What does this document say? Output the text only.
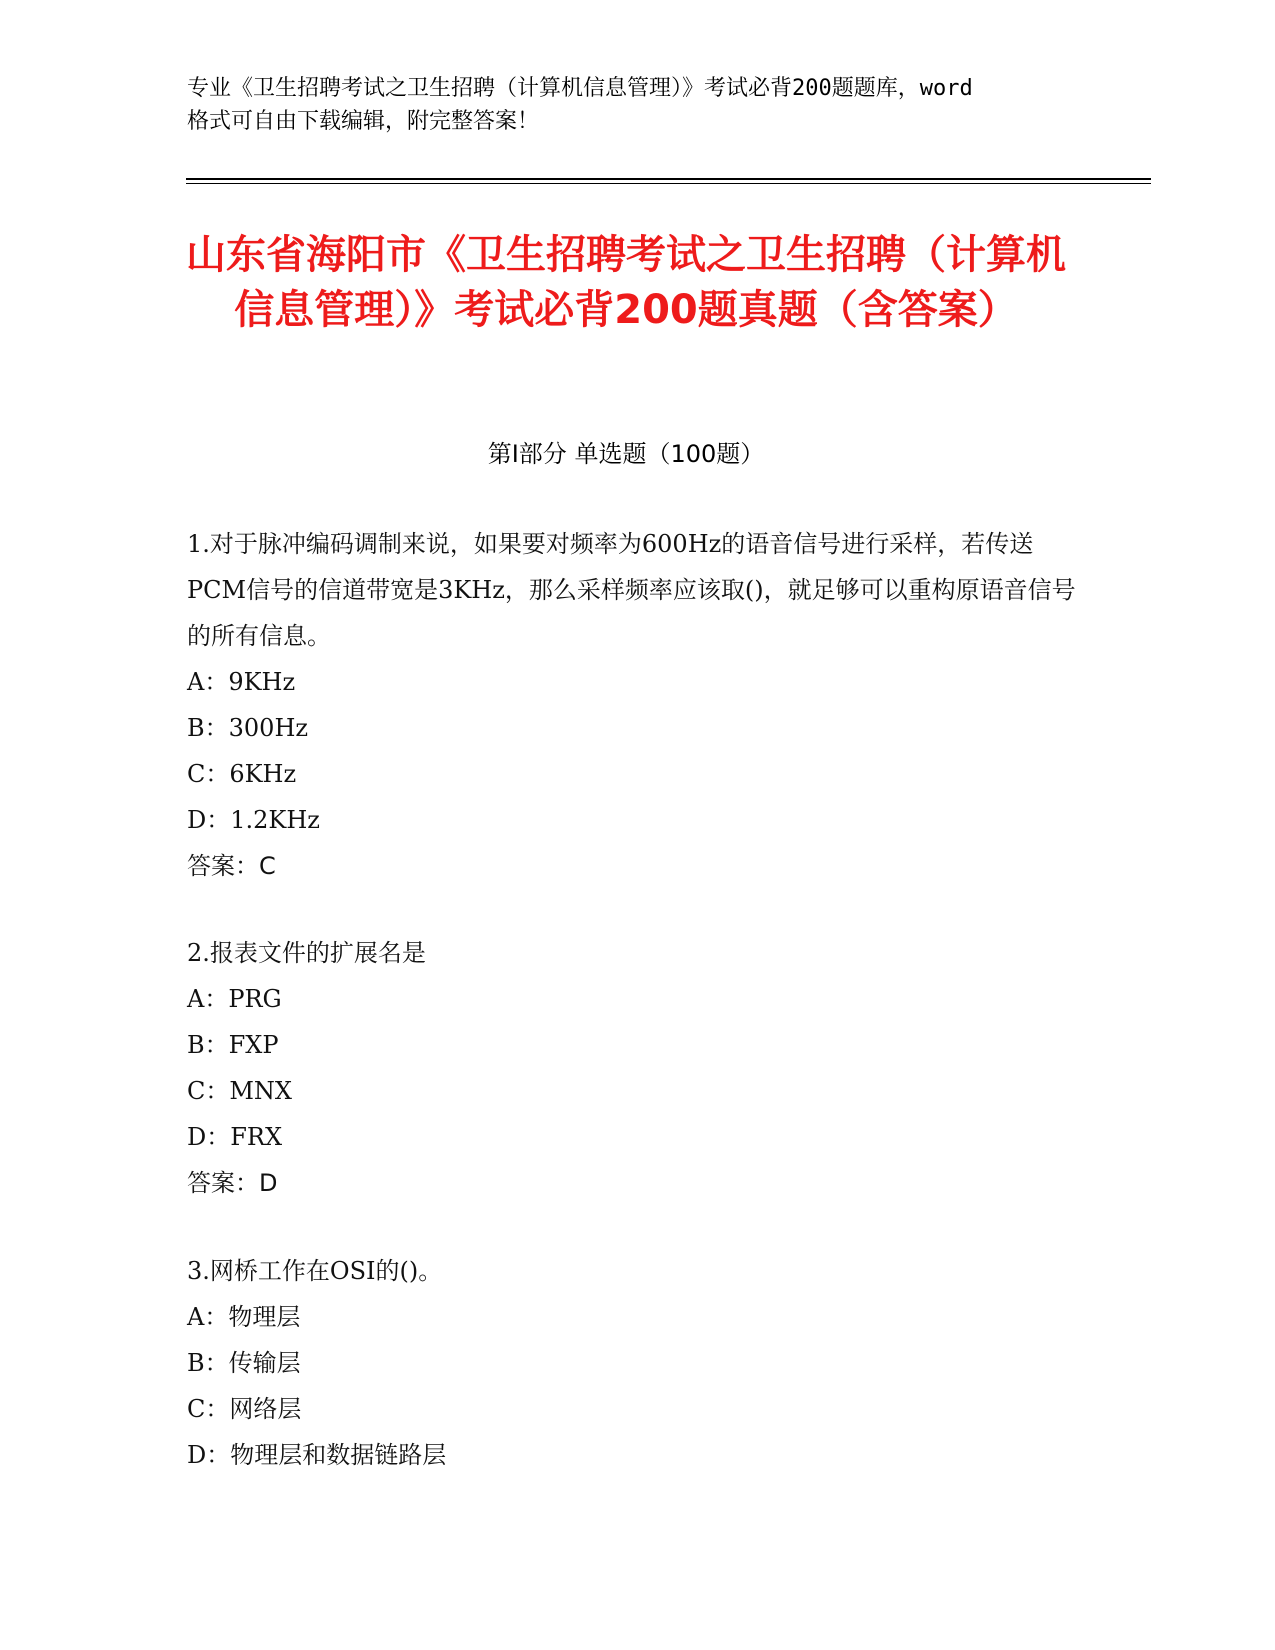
专业《卫生招聘考试之卫生招聘（计算机信息管理）》考试必背200题题库，word
格式可自由下载编辑，附完整答案！
山东省海阳市《卫生招聘考试之卫生招聘（计算机信息管理）》考试必背200题真题（含答案）
第Ⅰ部分 单选题（100题）
1.对于脉冲编码调制来说，如果要对频率为600Hz的语音信号进行采样，若传送PCM信号的信道带宽是3KHz，那么采样频率应该取()，就足够可以重构原语音信号的所有信息。
A：9KHz
B：300Hz
C：6KHz
D：1.2KHz
答案：C
2.报表文件的扩展名是
A：PRG
B：FXP
C：MNX
D：FRX
答案：D
3.网桥工作在OSI的()。
A：物理层
B：传输层
C：网络层
D：物理层和数据链路层
